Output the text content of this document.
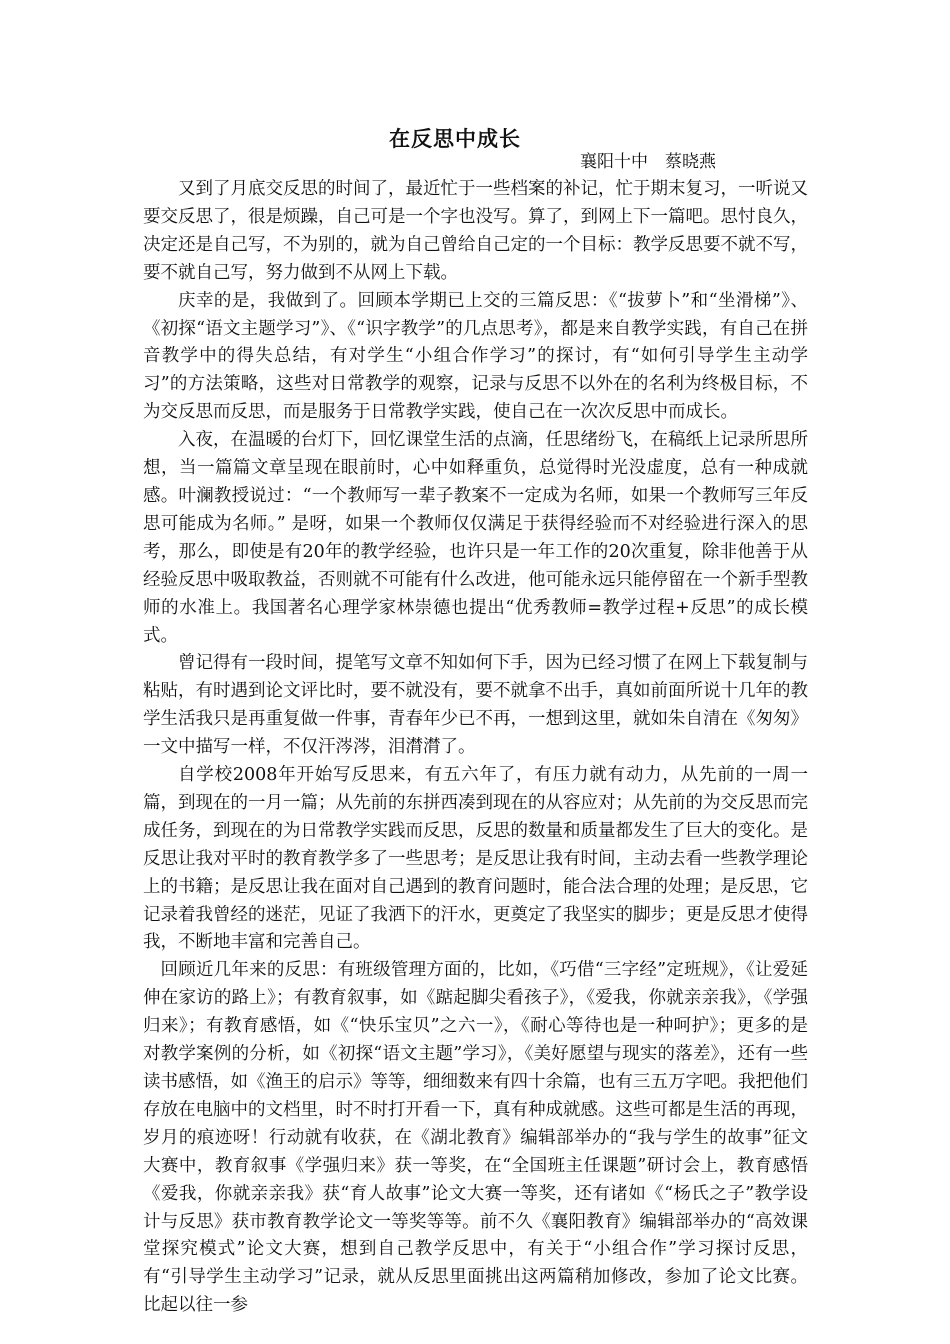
在反思中成长
襄阳十中　蔡晓燕

又到了月底交反思的时间了，最近忙于一些档案的补记，忙于期末复习，一听说又要交反思了，很是烦躁，自己可是一个字也没写。算了，到网上下一篇吧。思忖良久，决定还是自己写，不为别的，就为自己曾给自己定的一个目标：教学反思要不就不写，要不就自己写，努力做到不从网上下载。

庆幸的是，我做到了。回顾本学期已上交的三篇反思：《“拔萝卜”和“坐滑梯”》、《初探“语文主题学习”》、《“识字教学”的几点思考》，都是来自教学实践，有自己在拼音教学中的得失总结，有对学生“小组合作学习”的探讨，有“如何引导学生主动学习”的方法策略，这些对日常教学的观察，记录与反思不以外在的名利为终极目标，不为交反思而反思，而是服务于日常教学实践，使自己在一次次反思中而成长。

入夜，在温暖的台灯下，回忆课堂生活的点滴，任思绪纷飞，在稿纸上记录所思所想，当一篇篇文章呈现在眼前时，心中如释重负，总觉得时光没虚度，总有一种成就感。叶澜教授说过：“一个教师写一辈子教案不一定成为名师，如果一个教师写三年反思可能成为名师。” 是呀，如果一个教师仅仅满足于获得经验而不对经验进行深入的思考，那么，即使是有20年的教学经验，也许只是一年工作的20次重复，除非他善于从经验反思中吸取教益，否则就不可能有什么改进，他可能永远只能停留在一个新手型教师的水准上。我国著名心理学家林崇德也提出“优秀教师=教学过程+反思”的成长模式。

曾记得有一段时间，提笔写文章不知如何下手，因为已经习惯了在网上下载复制与粘贴，有时遇到论文评比时，要不就没有，要不就拿不出手，真如前面所说十几年的教学生活我只是再重复做一件事，青春年少已不再，一想到这里，就如朱自清在《匆匆》一文中描写一样，不仅汗涔涔，泪潸潸了。

自学校2008年开始写反思来，有五六年了，有压力就有动力，从先前的一周一篇，到现在的一月一篇；从先前的东拼西凑到现在的从容应对；从先前的为交反思而完成任务，到现在的为日常教学实践而反思，反思的数量和质量都发生了巨大的变化。是反思让我对平时的教育教学多了一些思考；是反思让我有时间，主动去看一些教学理论上的书籍；是反思让我在面对自己遇到的教育问题时，能合法合理的处理；是反思，它记录着我曾经的迷茫，见证了我洒下的汗水，更奠定了我坚实的脚步；更是反思才使得我，不断地丰富和完善自己。

回顾近几年来的反思：有班级管理方面的，比如，《巧借“三字经”定班规》，《让爱延伸在家访的路上》；有教育叙事，如《踮起脚尖看孩子》，《爱我，你就亲亲我》，《学强归来》；有教育感悟，如《“快乐宝贝”之六一》，《耐心等待也是一种呵护》；更多的是对教学案例的分析，如《初探“语文主题”学习》，《美好愿望与现实的落差》，还有一些读书感悟，如《渔王的启示》等等，细细数来有四十余篇，也有三五万字吧。我把他们存放在电脑中的文档里，时不时打开看一下，真有种成就感。这些可都是生活的再现，岁月的痕迹呀！行动就有收获，在《湖北教育》编辑部举办的“我与学生的故事”征文大赛中，教育叙事《学强归来》获一等奖，在“全国班主任课题”研讨会上，教育感悟《爱我，你就亲亲我》获“育人故事”论文大赛一等奖，还有诸如《“杨氏之子”教学设计与反思》获市教育教学论文一等奖等等。前不久《襄阳教育》编辑部举办的“高效课堂探究模式”论文大赛，想到自己教学反思中，有关于“小组合作”学习探讨反思，有“引导学生主动学习”记录，就从反思里面挑出这两篇稍加修改，参加了论文比赛。比起以往一参
